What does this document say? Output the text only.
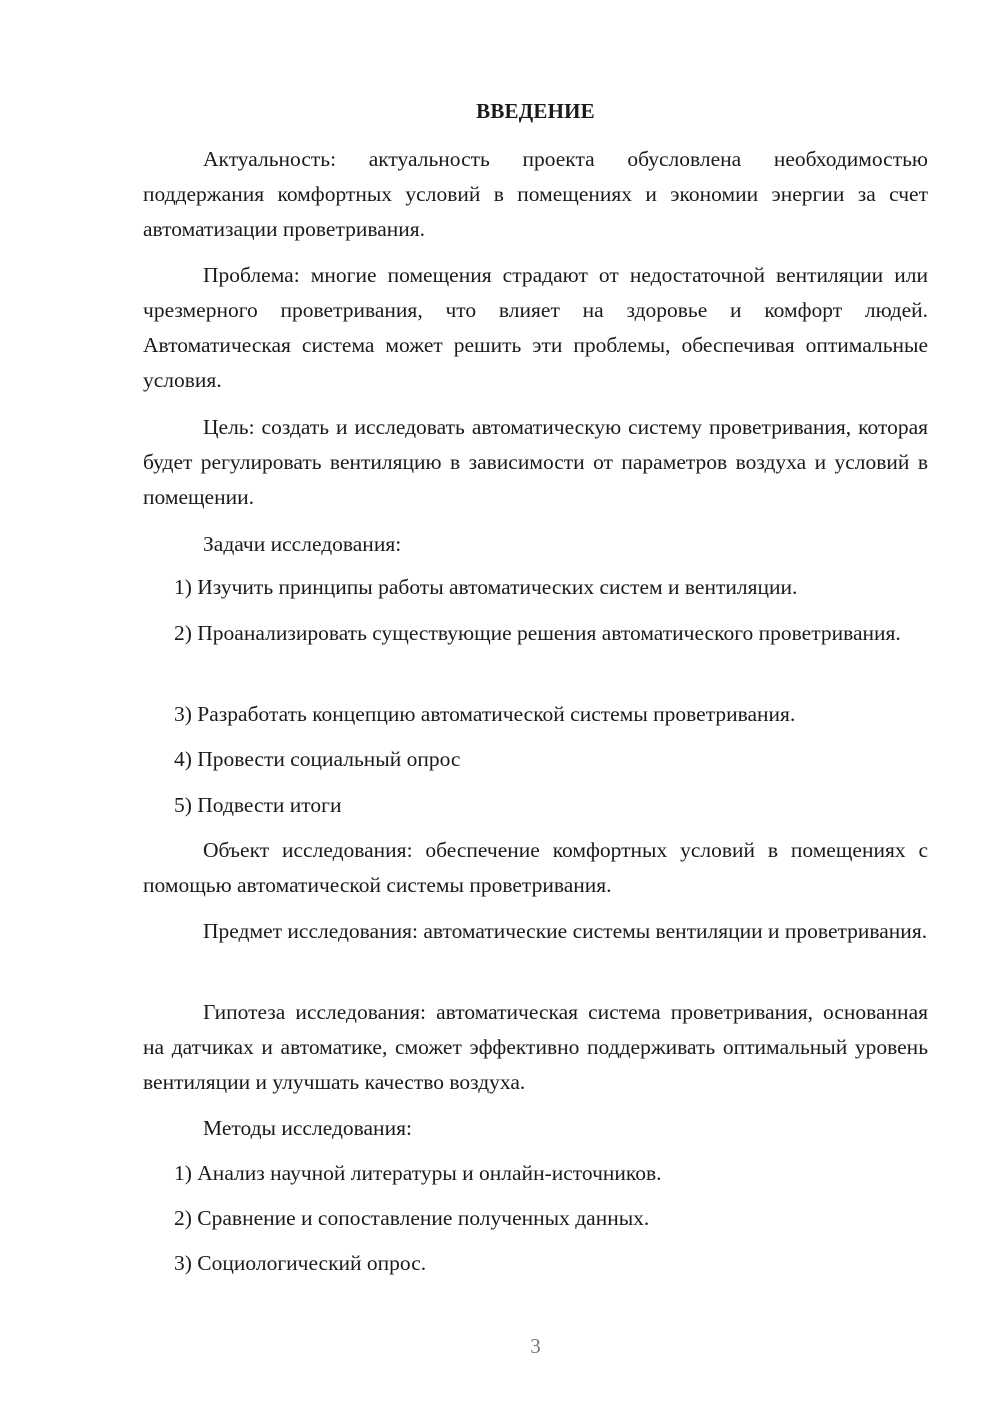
ВВЕДЕНИЕ

Актуальность: актуальность проекта обусловлена необходимостью поддержания комфортных условий в помещениях и экономии энергии за счет автоматизации проветривания.

Проблема: многие помещения страдают от недостаточной вентиляции или чрезмерного проветривания, что влияет на здоровье и комфорт людей. Автоматическая система может решить эти проблемы, обеспечивая оптимальные условия.

Цель: создать и исследовать автоматическую систему проветривания, которая будет регулировать вентиляцию в зависимости от параметров воздуха и условий в помещении.

Задачи исследования:

1) Изучить принципы работы автоматических систем и вентиляции.

2) Проанализировать существующие решения автоматического проветривания.

3) Разработать концепцию автоматической системы проветривания.

4) Провести социальный опрос

5) Подвести итоги

Объект исследования: обеспечение комфортных условий в помещениях с помощью автоматической системы проветривания.

Предмет исследования: автоматические системы вентиляции и проветривания.

Гипотеза исследования: автоматическая система проветривания, основанная на датчиках и автоматике, сможет эффективно поддерживать оптимальный уровень вентиляции и улучшать качество воздуха.

Методы исследования:

1) Анализ научной литературы и онлайн-источников.

2) Сравнение и сопоставление полученных данных.

3) Социологический опрос.

3
